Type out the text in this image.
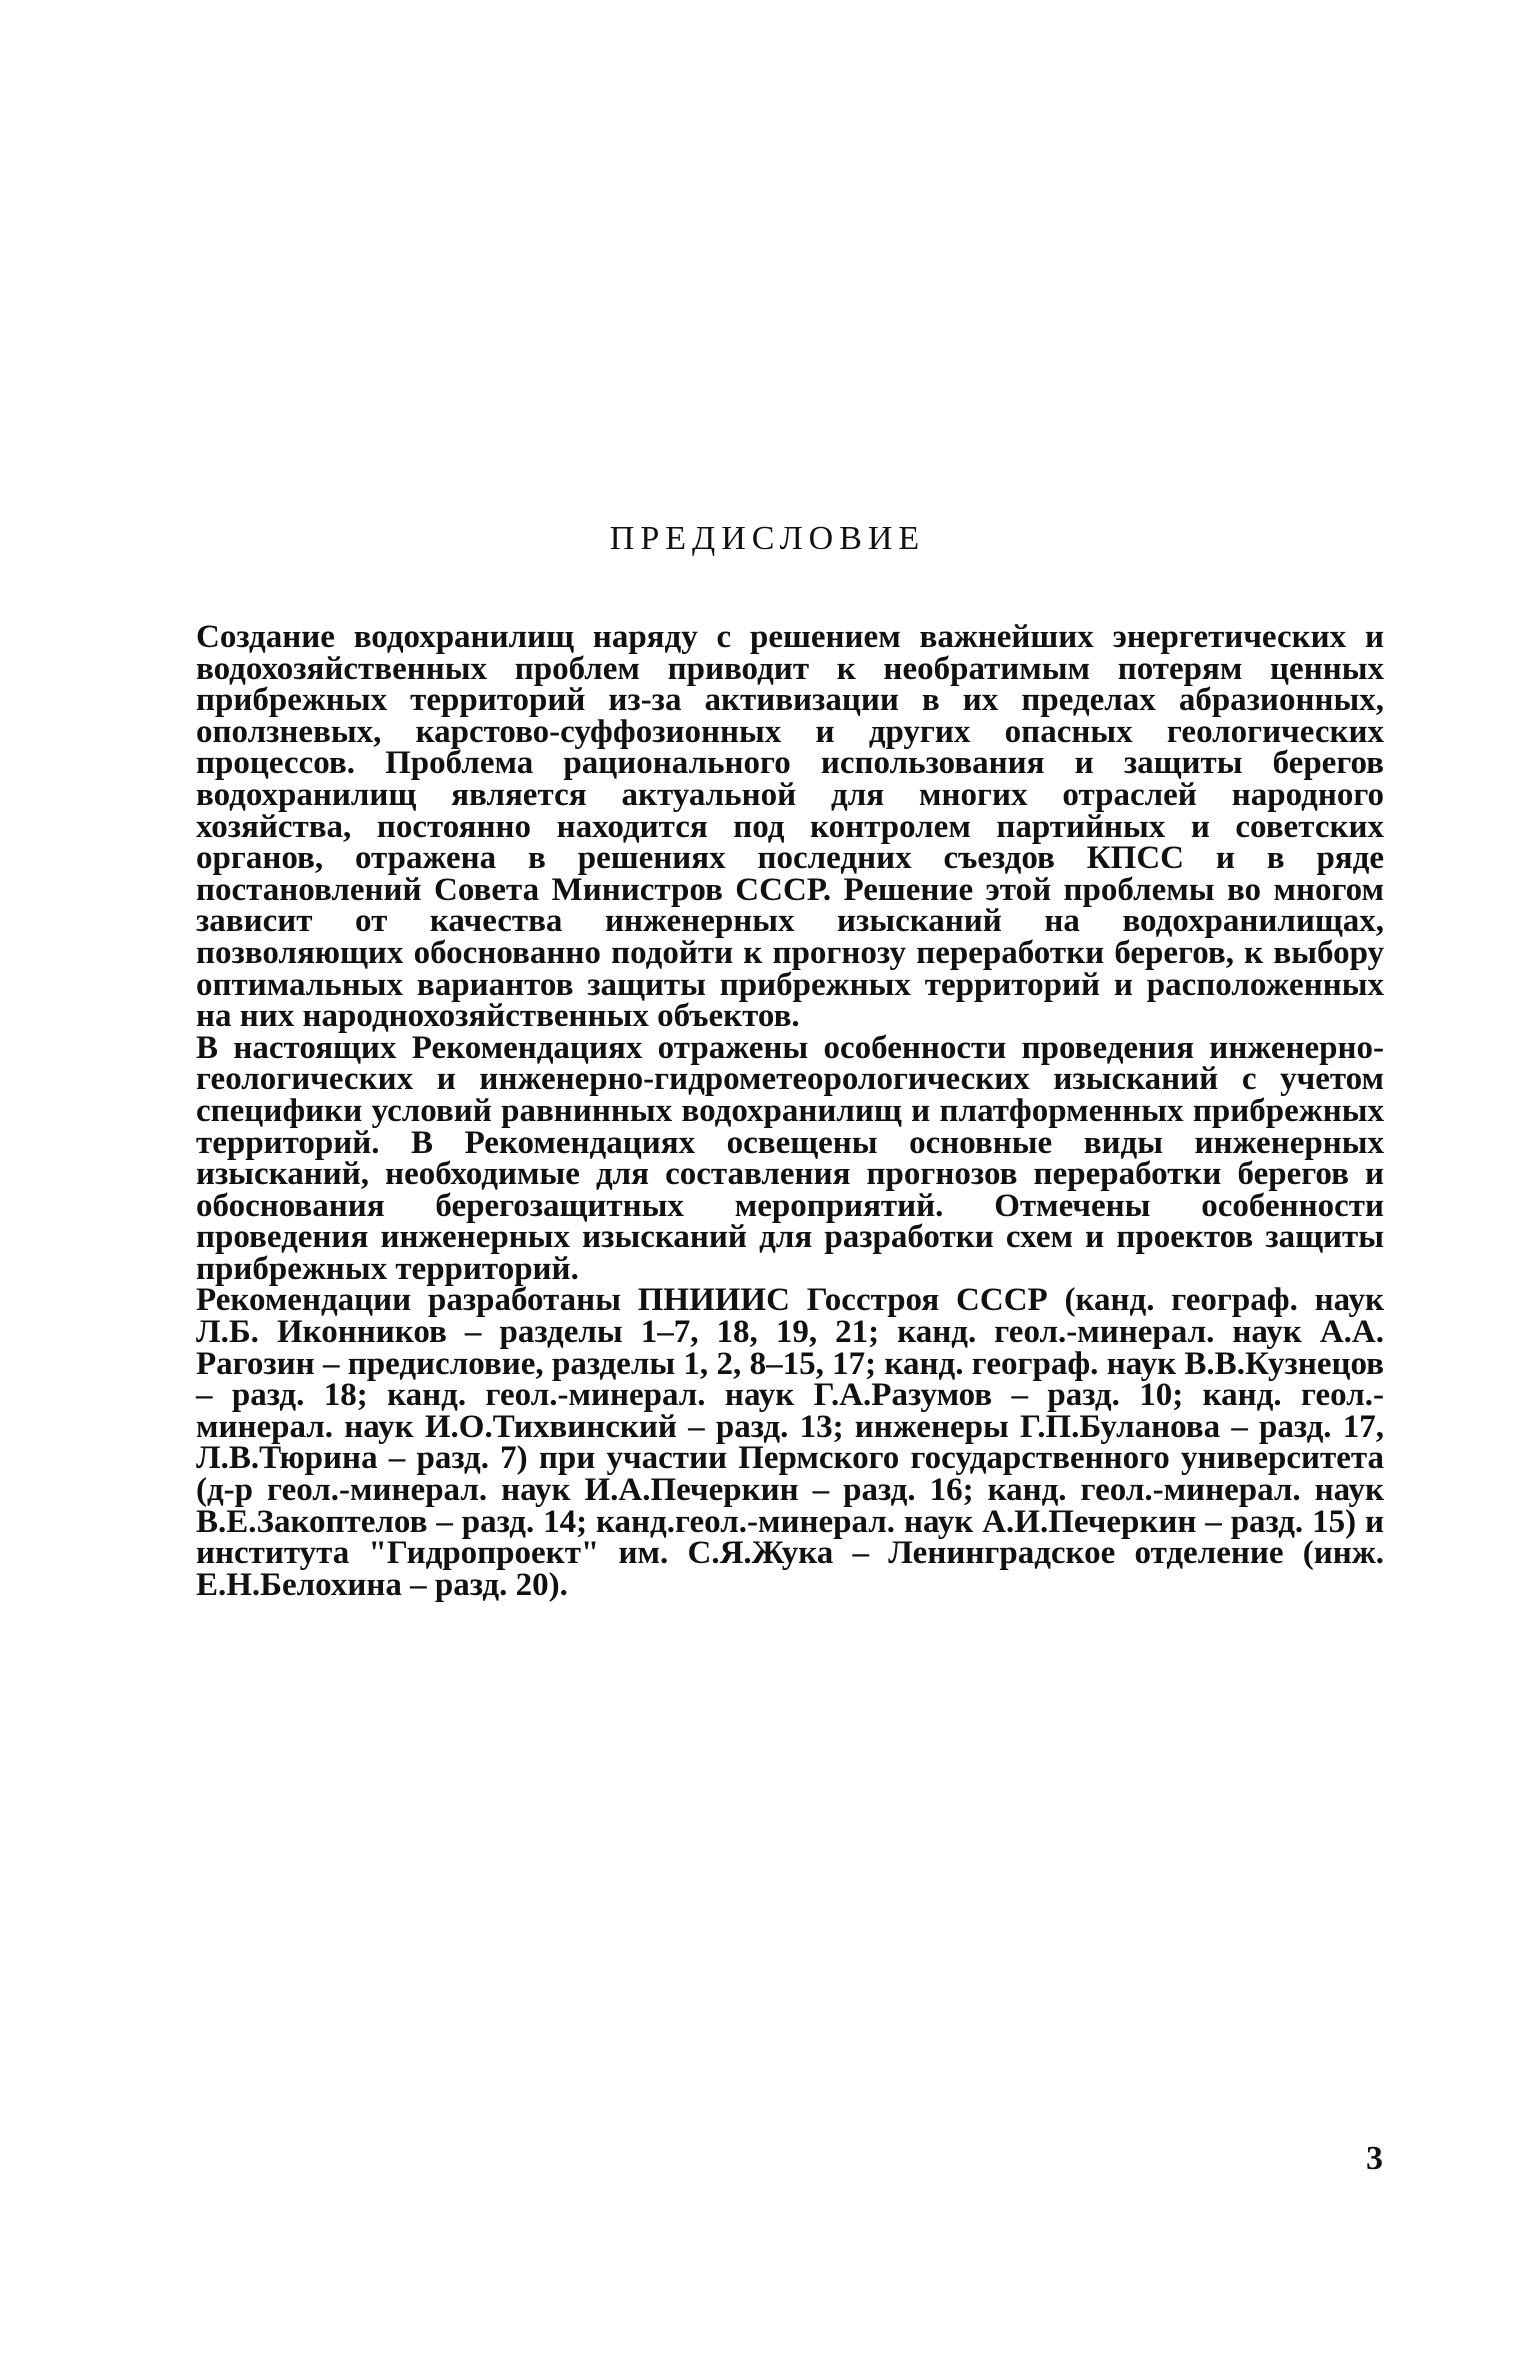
ПРЕДИСЛОВИЕ

Создание водохранилищ наряду с решением важнейших энергетических и водохозяйственных проблем приводит к необратимым потерям ценных прибрежных территорий из-за активизации в их пределах абразионных, оползневых, карстово-суффозионных и других опасных геологических процессов. Проблема рационального использования и защиты берегов водохранилищ является актуальной для многих отраслей народного хозяйства, постоянно находится под контролем партийных и советских органов, отражена в решениях последних съездов КПСС и в ряде постановлений Совета Министров СССР. Решение этой проблемы во многом зависит от качества инженерных изысканий на водохранилищах, позволяющих обоснованно подойти к прогнозу переработки берегов, к выбору оптимальных вариантов защиты прибрежных территорий и расположенных на них народнохозяйственных объектов.

В настоящих Рекомендациях отражены особенности проведения инженерно-геологических и инженерно-гидрометеорологических изысканий с учетом специфики условий равнинных водохранилищ и платформенных прибрежных территорий. В Рекомендациях освещены основные виды инженерных изысканий, необходимые для составления прогнозов переработки берегов и обоснования берегозащитных мероприятий. Отмечены особенности проведения инженерных изысканий для разработки схем и проектов защиты прибрежных территорий.

Рекомендации разработаны ПНИИИС Госстроя СССР (канд. географ. наук Л.Б. Иконников – разделы 1–7, 18, 19, 21; канд. геол.-минерал. наук А.А. Рагозин – предисловие, разделы 1, 2, 8–15, 17; канд. географ. наук В.В.Кузнецов – разд. 18; канд. геол.-минерал. наук Г.А.Разумов – разд. 10; канд. геол.-минерал. наук И.О.Тихвинский – разд. 13; инженеры Г.П.Буланова – разд. 17, Л.В.Тюрина – разд. 7) при участии Пермского государственного университета (д-р геол.-минерал. наук И.А.Печеркин – разд. 16; канд. геол.-минерал. наук В.Е.Закоптелов – разд. 14; канд.геол.-минерал. наук А.И.Печеркин – разд. 15) и института "Гидропроект" им. С.Я.Жука – Ленинградское отделение (инж. Е.Н.Белохина – разд. 20).

3
